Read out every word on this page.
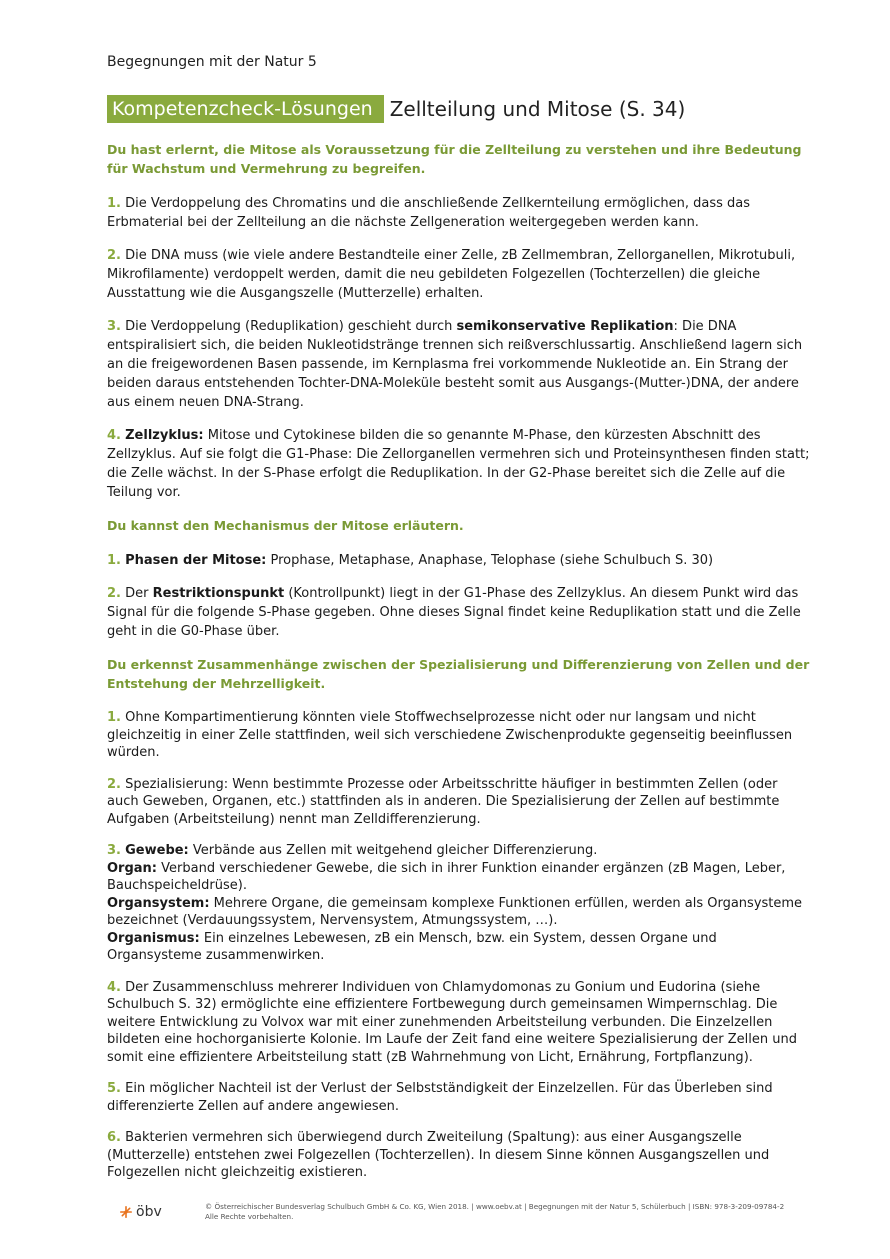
Begegnungen mit der Natur 5
Kompetenzcheck-Lösungen Zellteilung und Mitose (S. 34)

Du hast erlernt, die Mitose als Voraussetzung für die Zellteilung zu verstehen und ihre Bedeutung für Wachstum und Vermehrung zu begreifen.

1. Die Verdoppelung des Chromatins und die anschließende Zellkernteilung ermöglichen, dass das Erbmaterial bei der Zellteilung an die nächste Zellgeneration weitergegeben werden kann.

2. Die DNA muss (wie viele andere Bestandteile einer Zelle, zB Zellmembran, Zellorganellen, Mikrotubuli, Mikrofilamente) verdoppelt werden, damit die neu gebildeten Folgezellen (Tochterzellen) die gleiche Ausstattung wie die Ausgangszelle (Mutterzelle) erhalten.

3. Die Verdoppelung (Reduplikation) geschieht durch semikonservative Replikation: Die DNA entspiralisiert sich, die beiden Nukleotidstränge trennen sich reißverschlussartig. Anschließend lagern sich an die freigewordenen Basen passende, im Kernplasma frei vorkommende Nukleotide an. Ein Strang der beiden daraus entstehenden Tochter-DNA-Moleküle besteht somit aus Ausgangs-(Mutter-)DNA, der andere aus einem neuen DNA-Strang.

4. Zellzyklus: Mitose und Cytokinese bilden die so genannte M-Phase, den kürzesten Abschnitt des Zellzyklus. Auf sie folgt die G1-Phase: Die Zellorganellen vermehren sich und Proteinsynthesen finden statt; die Zelle wächst. In der S-Phase erfolgt die Reduplikation. In der G2-Phase bereitet sich die Zelle auf die Teilung vor.

Du kannst den Mechanismus der Mitose erläutern.

1. Phasen der Mitose: Prophase, Metaphase, Anaphase, Telophase (siehe Schulbuch S. 30)

2. Der Restriktionspunkt (Kontrollpunkt) liegt in der G1-Phase des Zellzyklus. An diesem Punkt wird das Signal für die folgende S-Phase gegeben. Ohne dieses Signal findet keine Reduplikation statt und die Zelle geht in die G0-Phase über.

Du erkennst Zusammenhänge zwischen der Spezialisierung und Differenzierung von Zellen und der Entstehung der Mehrzelligkeit.

1. Ohne Kompartimentierung könnten viele Stoffwechselprozesse nicht oder nur langsam und nicht gleichzeitig in einer Zelle stattfinden, weil sich verschiedene Zwischenprodukte gegenseitig beeinflussen würden.

2. Spezialisierung: Wenn bestimmte Prozesse oder Arbeitsschritte häufiger in bestimmten Zellen (oder auch Geweben, Organen, etc.) stattfinden als in anderen. Die Spezialisierung der Zellen auf bestimmte Aufgaben (Arbeitsteilung) nennt man Zelldifferenzierung.

3. Gewebe: Verbände aus Zellen mit weitgehend gleicher Differenzierung.
Organ: Verband verschiedener Gewebe, die sich in ihrer Funktion einander ergänzen (zB Magen, Leber, Bauchspeicheldrüse).
Organsystem: Mehrere Organe, die gemeinsam komplexe Funktionen erfüllen, werden als Organsysteme bezeichnet (Verdauungssystem, Nervensystem, Atmungssystem, …).
Organismus: Ein einzelnes Lebewesen, zB ein Mensch, bzw. ein System, dessen Organe und Organsysteme zusammenwirken.

4. Der Zusammenschluss mehrerer Individuen von Chlamydomonas zu Gonium und Eudorina (siehe Schulbuch S. 32) ermöglichte eine effizientere Fortbewegung durch gemeinsamen Wimpernschlag. Die weitere Entwicklung zu Volvox war mit einer zunehmenden Arbeitsteilung verbunden. Die Einzelzellen bildeten eine hochorganisierte Kolonie. Im Laufe der Zeit fand eine weitere Spezialisierung der Zellen und somit eine effizientere Arbeitsteilung statt (zB Wahrnehmung von Licht, Ernährung, Fortpflanzung).

5. Ein möglicher Nachteil ist der Verlust der Selbstständigkeit der Einzelzellen. Für das Überleben sind differenzierte Zellen auf andere angewiesen.

6. Bakterien vermehren sich überwiegend durch Zweiteilung (Spaltung): aus einer Ausgangszelle (Mutterzelle) entstehen zwei Folgezellen (Tochterzellen). In diesem Sinne können Ausgangszellen und Folgezellen nicht gleichzeitig existieren.

öbv	© Österreichischer Bundesverlag Schulbuch GmbH & Co. KG, Wien 2018. | www.oebv.at | Begegnungen mit der Natur 5, Schülerbuch | ISBN: 978-3-209-09784-2
Alle Rechte vorbehalten.
